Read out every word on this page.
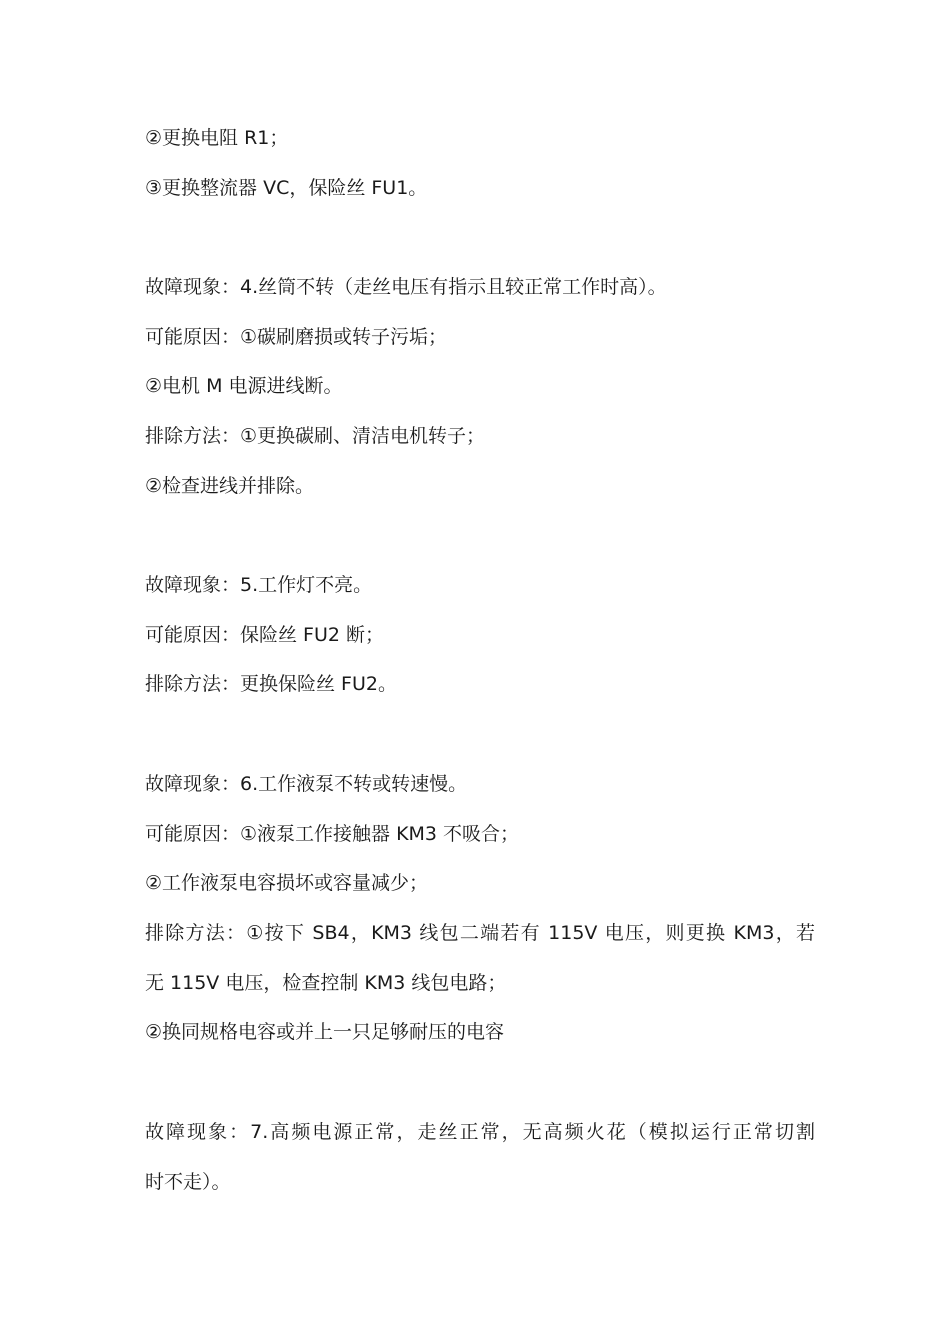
②更换电阻 R1；
③更换整流器 VC，保险丝 FU1。
故障现象：4.丝筒不转（走丝电压有指示且较正常工作时高）。
可能原因：①碳刷磨损或转子污垢；
②电机 M 电源进线断。
排除方法：①更换碳刷、清洁电机转子；
②检查进线并排除。
故障现象：5.工作灯不亮。
可能原因：保险丝 FU2 断；
排除方法：更换保险丝 FU2。
故障现象：6.工作液泵不转或转速慢。
可能原因：①液泵工作接触器 KM3 不吸合；
②工作液泵电容损坏或容量减少；
排除方法：①按下 SB4，KM3 线包二端若有 115V 电压，则更换 KM3，若
无 115V 电压，检查控制 KM3 线包电路；
②换同规格电容或并上一只足够耐压的电容
故障现象：7.高频电源正常，走丝正常，无高频火花（模拟运行正常切割
时不走）。
